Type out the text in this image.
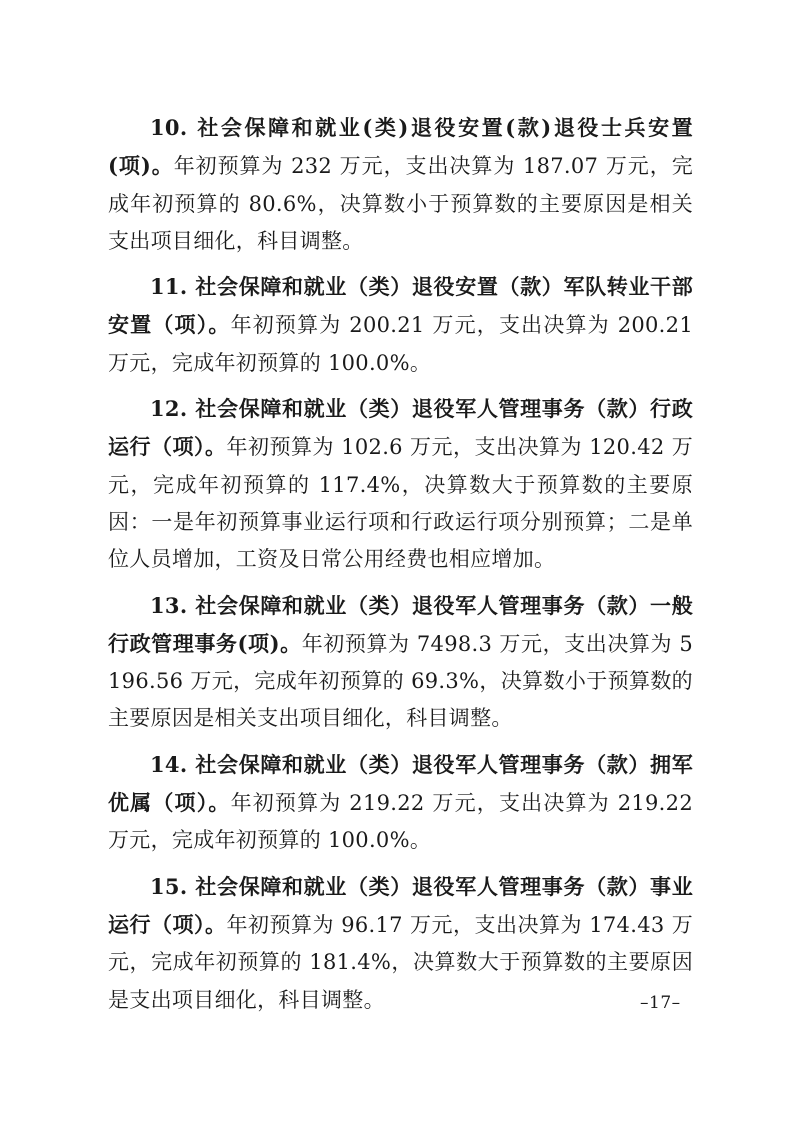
10. 社会保障和就业(类)退役安置(款)退役士兵安置(项)。年初预算为 232 万元，支出决算为 187.07 万元，完成年初预算的 80.6%，决算数小于预算数的主要原因是相关支出项目细化，科目调整。

11. 社会保障和就业（类）退役安置（款）军队转业干部安置（项）。年初预算为 200.21 万元，支出决算为 200.21 万元，完成年初预算的 100.0%。

12. 社会保障和就业（类）退役军人管理事务（款）行政运行（项）。年初预算为 102.6 万元，支出决算为 120.42 万元，完成年初预算的 117.4%，决算数大于预算数的主要原因：一是年初预算事业运行项和行政运行项分别预算；二是单位人员增加，工资及日常公用经费也相应增加。

13. 社会保障和就业（类）退役军人管理事务（款）一般行政管理事务(项)。年初预算为 7498.3 万元，支出决算为 5196.56 万元，完成年初预算的 69.3%，决算数小于预算数的主要原因是相关支出项目细化，科目调整。

14. 社会保障和就业（类）退役军人管理事务（款）拥军优属（项）。年初预算为 219.22 万元，支出决算为 219.22 万元，完成年初预算的 100.0%。

15. 社会保障和就业（类）退役军人管理事务（款）事业运行（项）。年初预算为 96.17 万元，支出决算为 174.43 万元，完成年初预算的 181.4%，决算数大于预算数的主要原因是支出项目细化，科目调整。	–17–
